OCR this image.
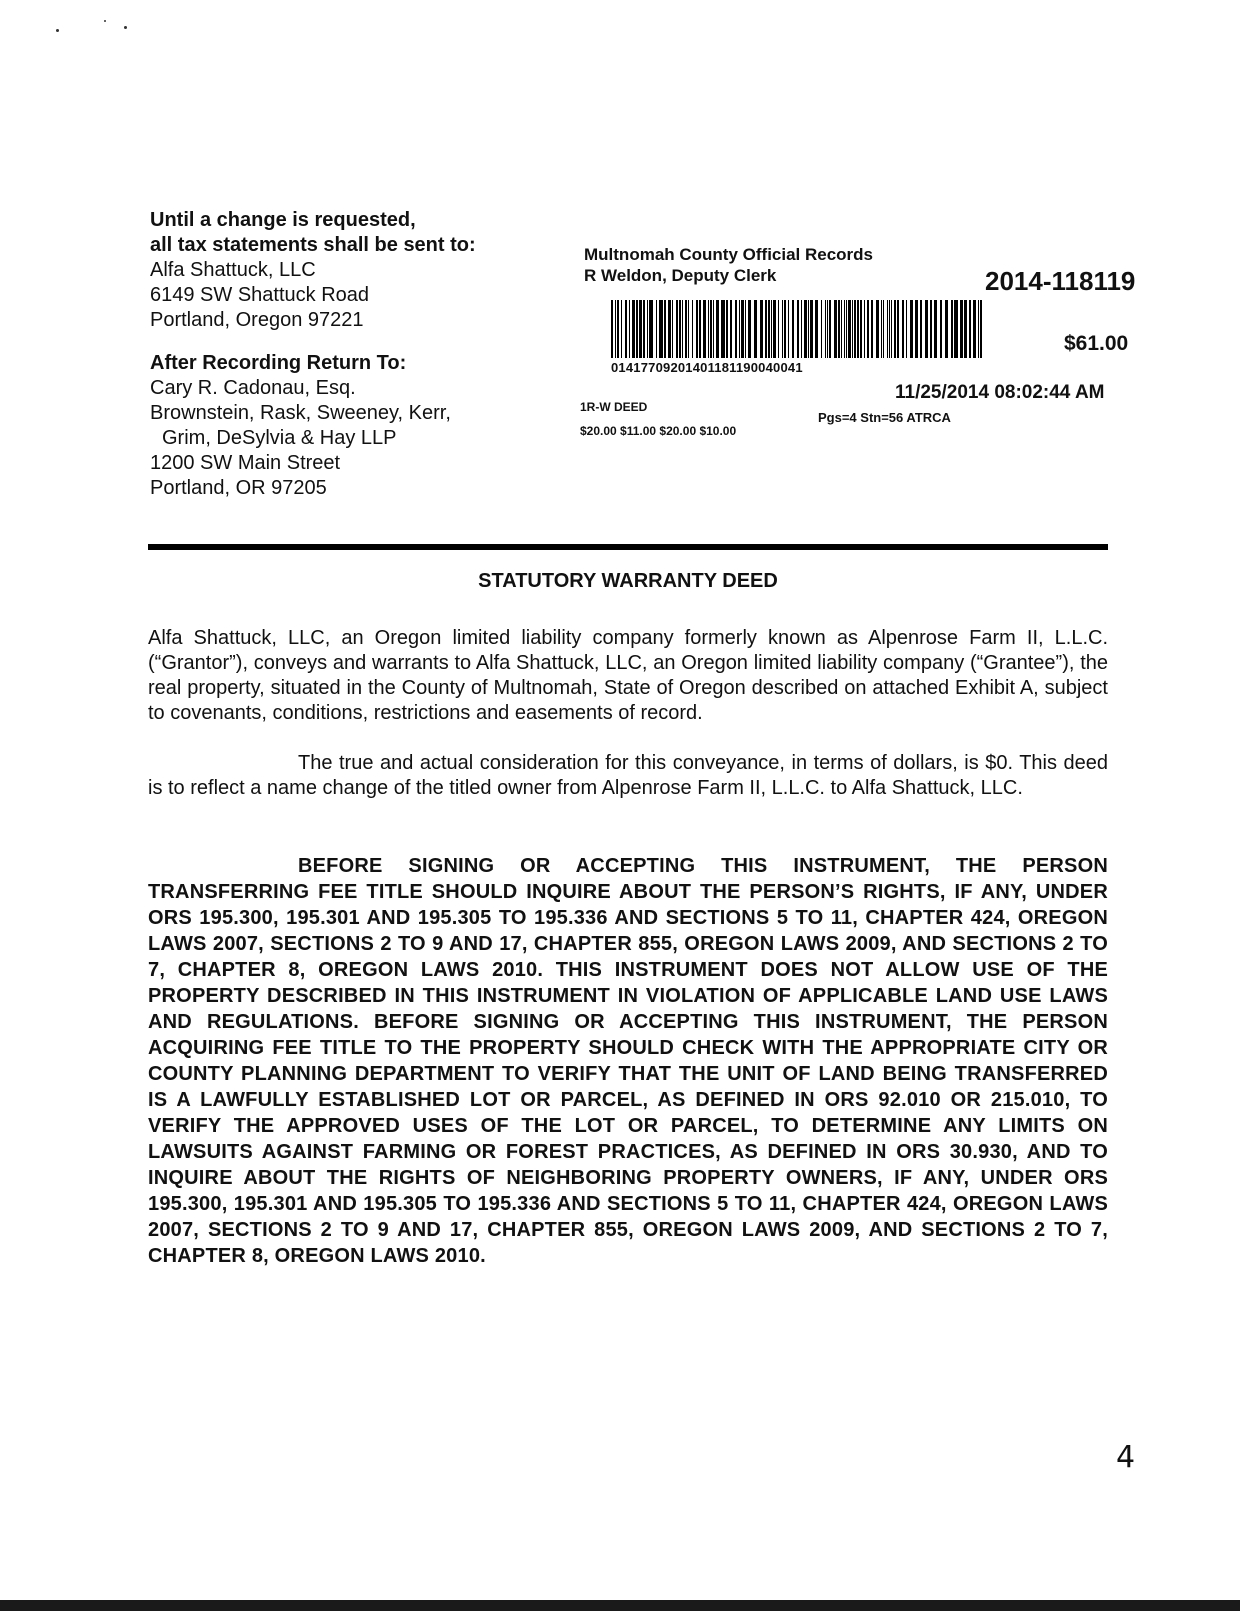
Until a change is requested,
all tax statements shall be sent to:
Alfa Shattuck, LLC
6149 SW Shattuck Road
Portland, Oregon 97221
After Recording Return To:
Cary R. Cadonau, Esq.
Brownstein, Rask, Sweeney, Kerr,
Grim, DeSylvia & Hay LLP
1200 SW Main Street
Portland, OR 97205
Multnomah County Official Records
R Weldon, Deputy Clerk	2014-118119
01417709201401181190040041
$61.00
11/25/2014 08:02:44 AM
1R-W DEED
$20.00 $11.00 $20.00 $10.00
Pgs=4 Stn=56 ATRCA
STATUTORY WARRANTY DEED
Alfa Shattuck, LLC, an Oregon limited liability company formerly known as Alpenrose Farm II, L.L.C. (“Grantor”), conveys and warrants to Alfa Shattuck, LLC, an Oregon limited liability company (“Grantee”), the real property, situated in the County of Multnomah, State of Oregon described on attached Exhibit A, subject to covenants, conditions, restrictions and easements of record.
The true and actual consideration for this conveyance, in terms of dollars, is $0. This deed is to reflect a name change of the titled owner from Alpenrose Farm II, L.L.C. to Alfa Shattuck, LLC.
BEFORE SIGNING OR ACCEPTING THIS INSTRUMENT, THE PERSON TRANSFERRING FEE TITLE SHOULD INQUIRE ABOUT THE PERSON’S RIGHTS, IF ANY, UNDER ORS 195.300, 195.301 AND 195.305 TO 195.336 AND SECTIONS 5 TO 11, CHAPTER 424, OREGON LAWS 2007, SECTIONS 2 TO 9 AND 17, CHAPTER 855, OREGON LAWS 2009, AND SECTIONS 2 TO 7, CHAPTER 8, OREGON LAWS 2010. THIS INSTRUMENT DOES NOT ALLOW USE OF THE PROPERTY DESCRIBED IN THIS INSTRUMENT IN VIOLATION OF APPLICABLE LAND USE LAWS AND REGULATIONS. BEFORE SIGNING OR ACCEPTING THIS INSTRUMENT, THE PERSON ACQUIRING FEE TITLE TO THE PROPERTY SHOULD CHECK WITH THE APPROPRIATE CITY OR COUNTY PLANNING DEPARTMENT TO VERIFY THAT THE UNIT OF LAND BEING TRANSFERRED IS A LAWFULLY ESTABLISHED LOT OR PARCEL, AS DEFINED IN ORS 92.010 OR 215.010, TO VERIFY THE APPROVED USES OF THE LOT OR PARCEL, TO DETERMINE ANY LIMITS ON LAWSUITS AGAINST FARMING OR FOREST PRACTICES, AS DEFINED IN ORS 30.930, AND TO INQUIRE ABOUT THE RIGHTS OF NEIGHBORING PROPERTY OWNERS, IF ANY, UNDER ORS 195.300, 195.301 AND 195.305 TO 195.336 AND SECTIONS 5 TO 11, CHAPTER 424, OREGON LAWS 2007, SECTIONS 2 TO 9 AND 17, CHAPTER 855, OREGON LAWS 2009, AND SECTIONS 2 TO 7, CHAPTER 8, OREGON LAWS 2010.
4
